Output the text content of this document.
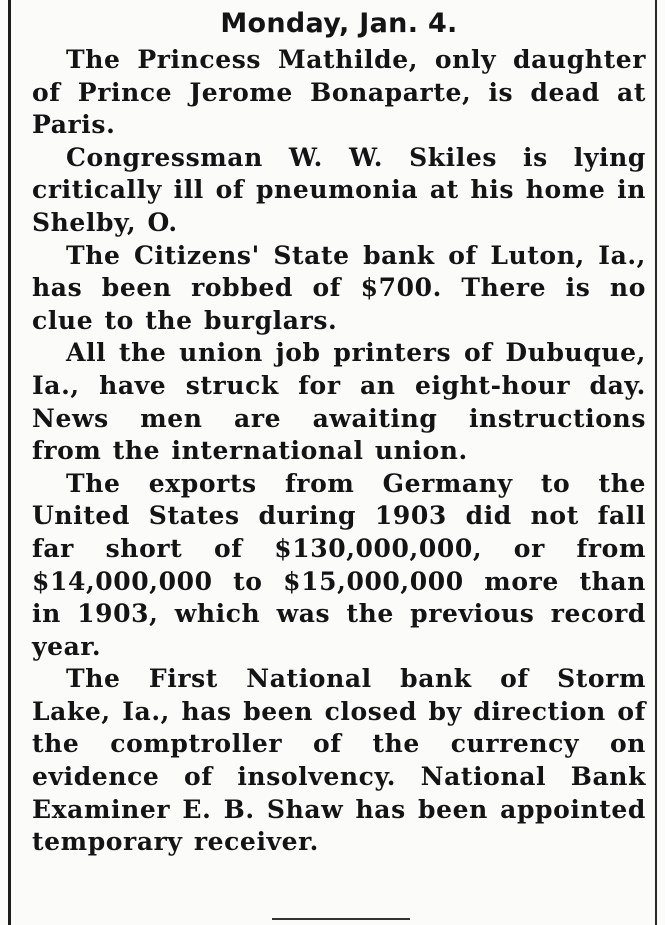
Monday, Jan. 4.

The Princess Mathilde, only daughter of Prince Jerome Bonaparte, is dead at Paris.

Congressman W. W. Skiles is lying critically ill of pneumonia at his home in Shelby, O.

The Citizens' State bank of Luton, Ia., has been robbed of $700. There is no clue to the burglars.

All the union job printers of Dubuque, Ia., have struck for an eight-hour day. News men are awaiting instructions from the international union.

The exports from Germany to the United States during 1903 did not fall far short of $130,000,000, or from $14,000,000 to $15,000,000 more than in 1903, which was the previous record year.

The First National bank of Storm Lake, Ia., has been closed by direction of the comptroller of the currency on evidence of insolvency. National Bank Examiner E. B. Shaw has been appointed temporary receiver.
